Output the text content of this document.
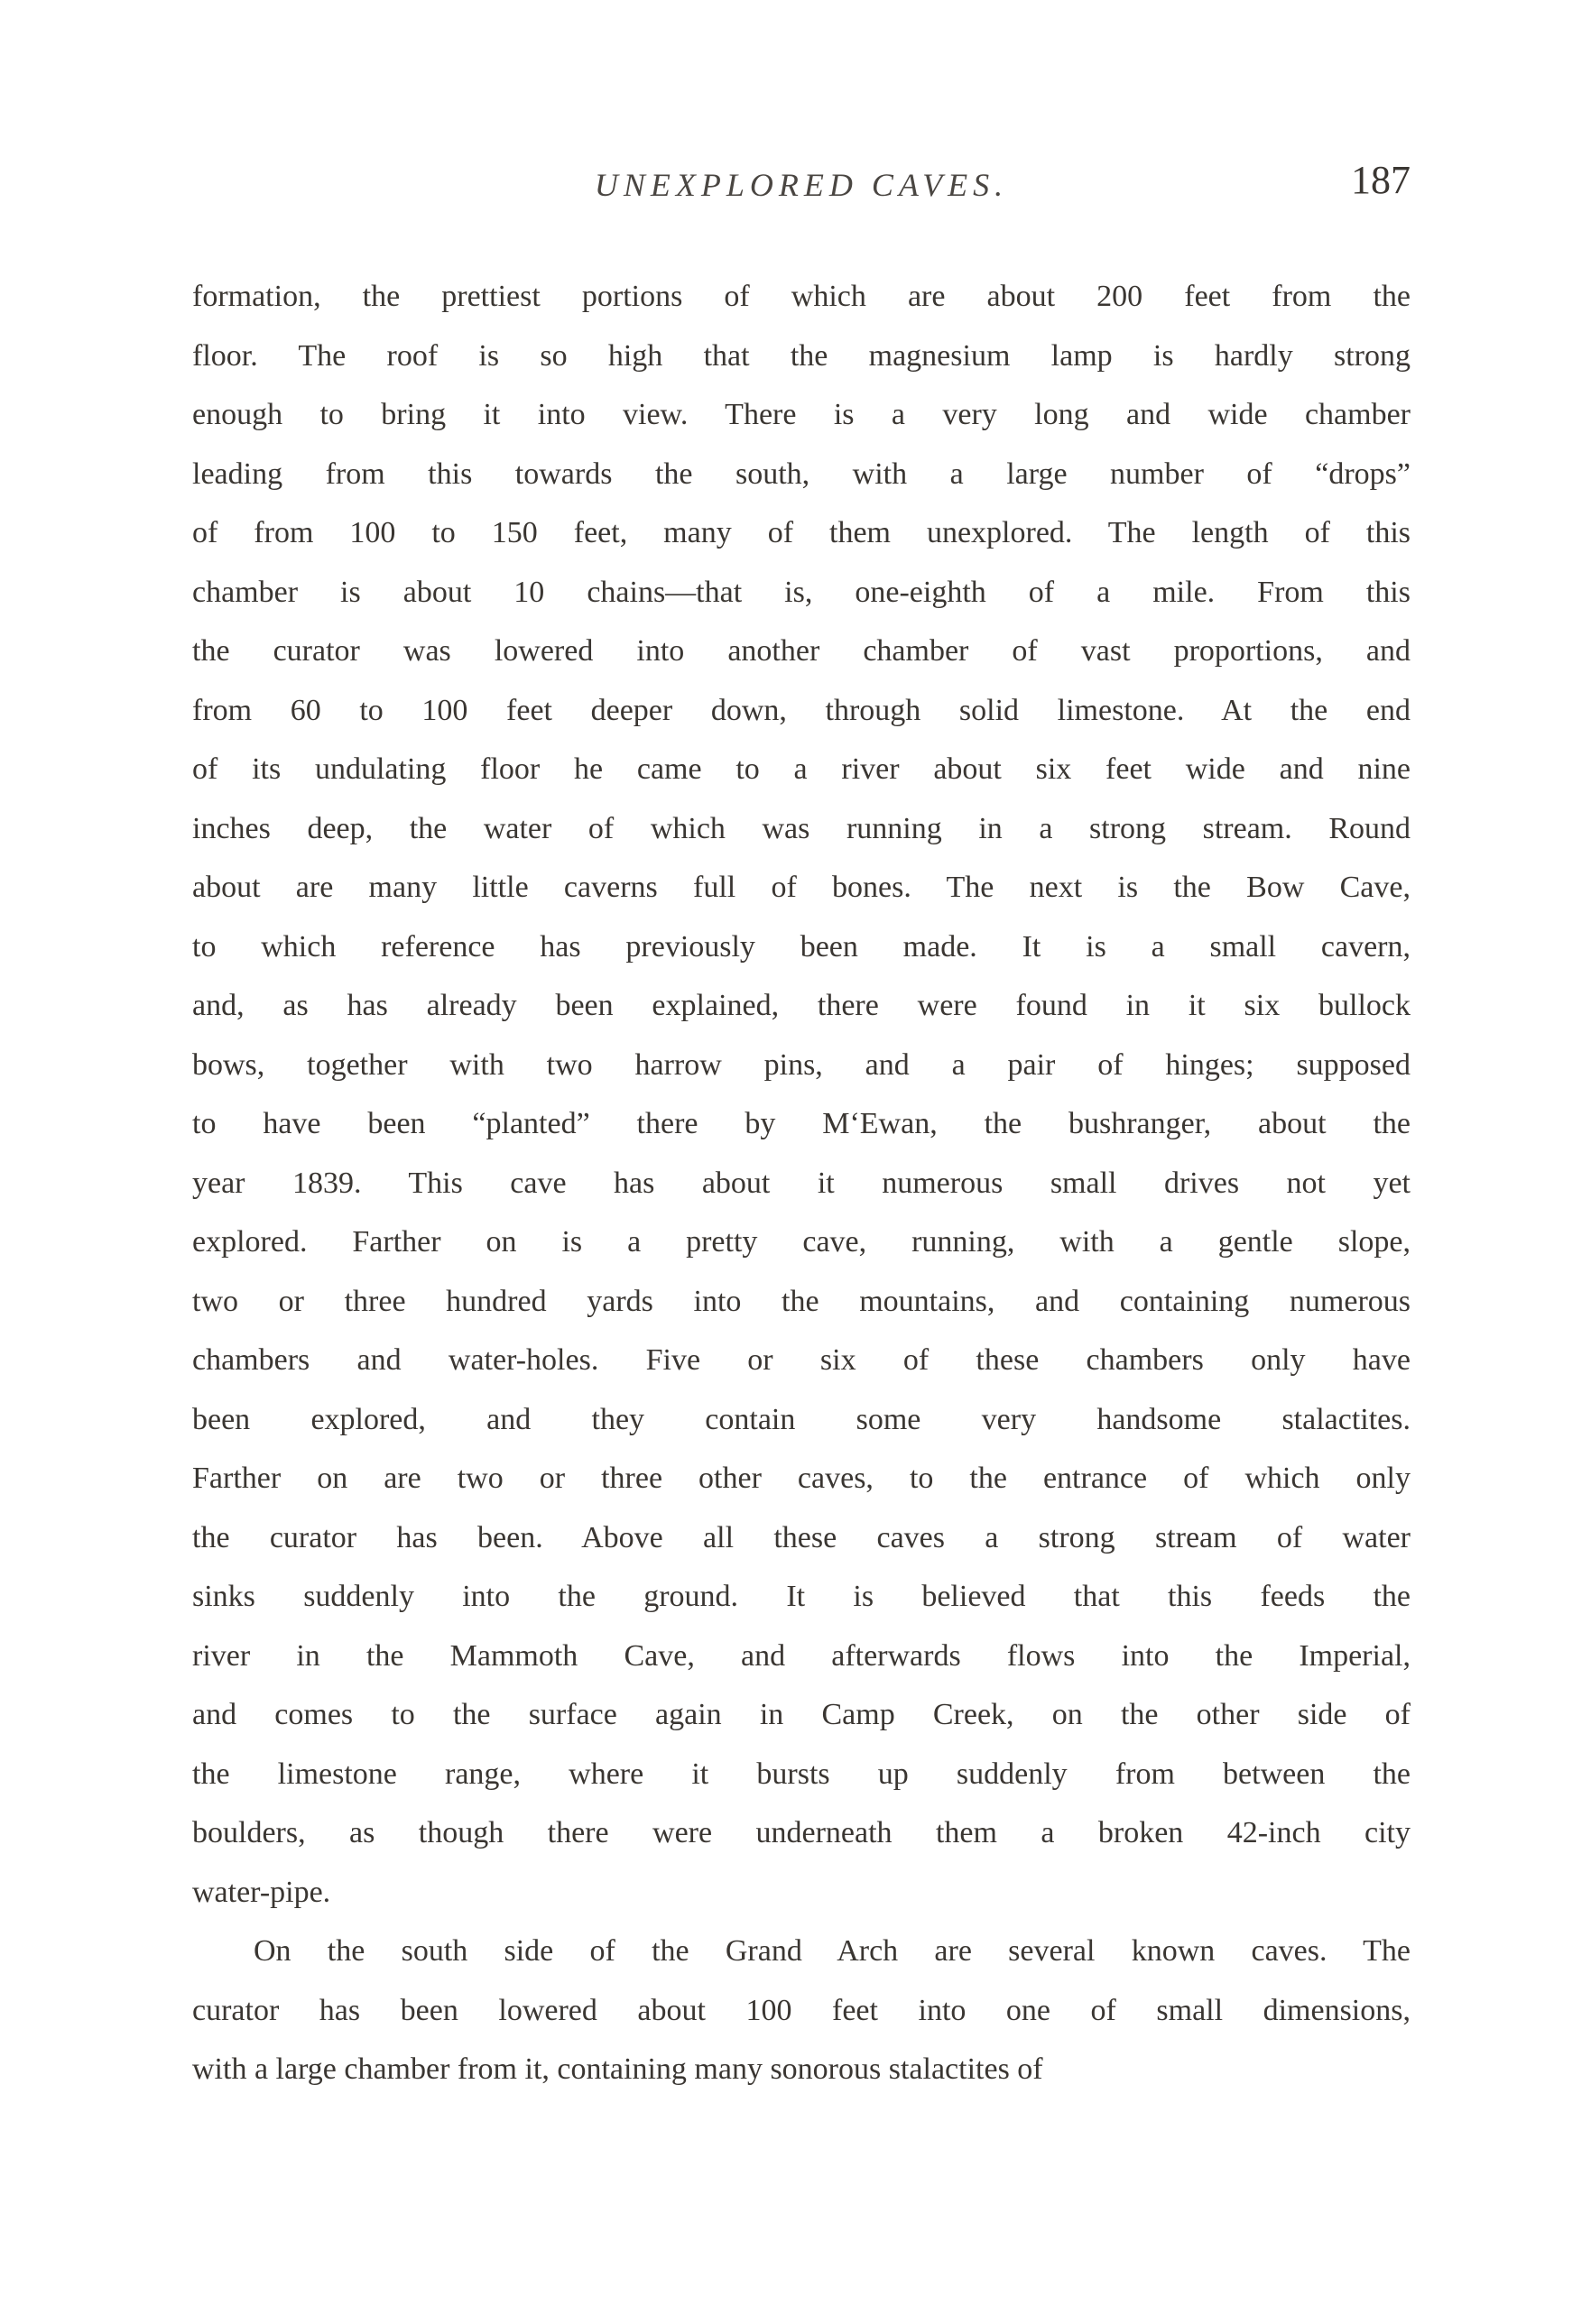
UNEXPLORED CAVES.	187
formation, the prettiest portions of which are about 200 feet from the
floor. The roof is so high that the magnesium lamp is hardly strong
enough to bring it into view. There is a very long and wide chamber
leading from this towards the south, with a large number of “drops”
of from 100 to 150 feet, many of them unexplored. The length of this
chamber is about 10 chains—that is, one-eighth of a mile. From this
the curator was lowered into another chamber of vast proportions, and
from 60 to 100 feet deeper down, through solid limestone. At the end
of its undulating floor he came to a river about six feet wide and nine
inches deep, the water of which was running in a strong stream. Round
about are many little caverns full of bones. The next is the Bow Cave,
to which reference has previously been made. It is a small cavern,
and, as has already been explained, there were found in it six bullock
bows, together with two harrow pins, and a pair of hinges; supposed
to have been “planted” there by M‘Ewan, the bushranger, about the
year 1839. This cave has about it numerous small drives not yet
explored. Farther on is a pretty cave, running, with a gentle slope,
two or three hundred yards into the mountains, and containing numerous
chambers and water-holes. Five or six of these chambers only have
been explored, and they contain some very handsome stalactites.
Farther on are two or three other caves, to the entrance of which only
the curator has been. Above all these caves a strong stream of water
sinks suddenly into the ground. It is believed that this feeds the
river in the Mammoth Cave, and afterwards flows into the Imperial,
and comes to the surface again in Camp Creek, on the other side of
the limestone range, where it bursts up suddenly from between the
boulders, as though there were underneath them a broken 42-inch city
water-pipe.
On the south side of the Grand Arch are several known caves. The
curator has been lowered about 100 feet into one of small dimensions,
with a large chamber from it, containing many sonorous stalactites of
